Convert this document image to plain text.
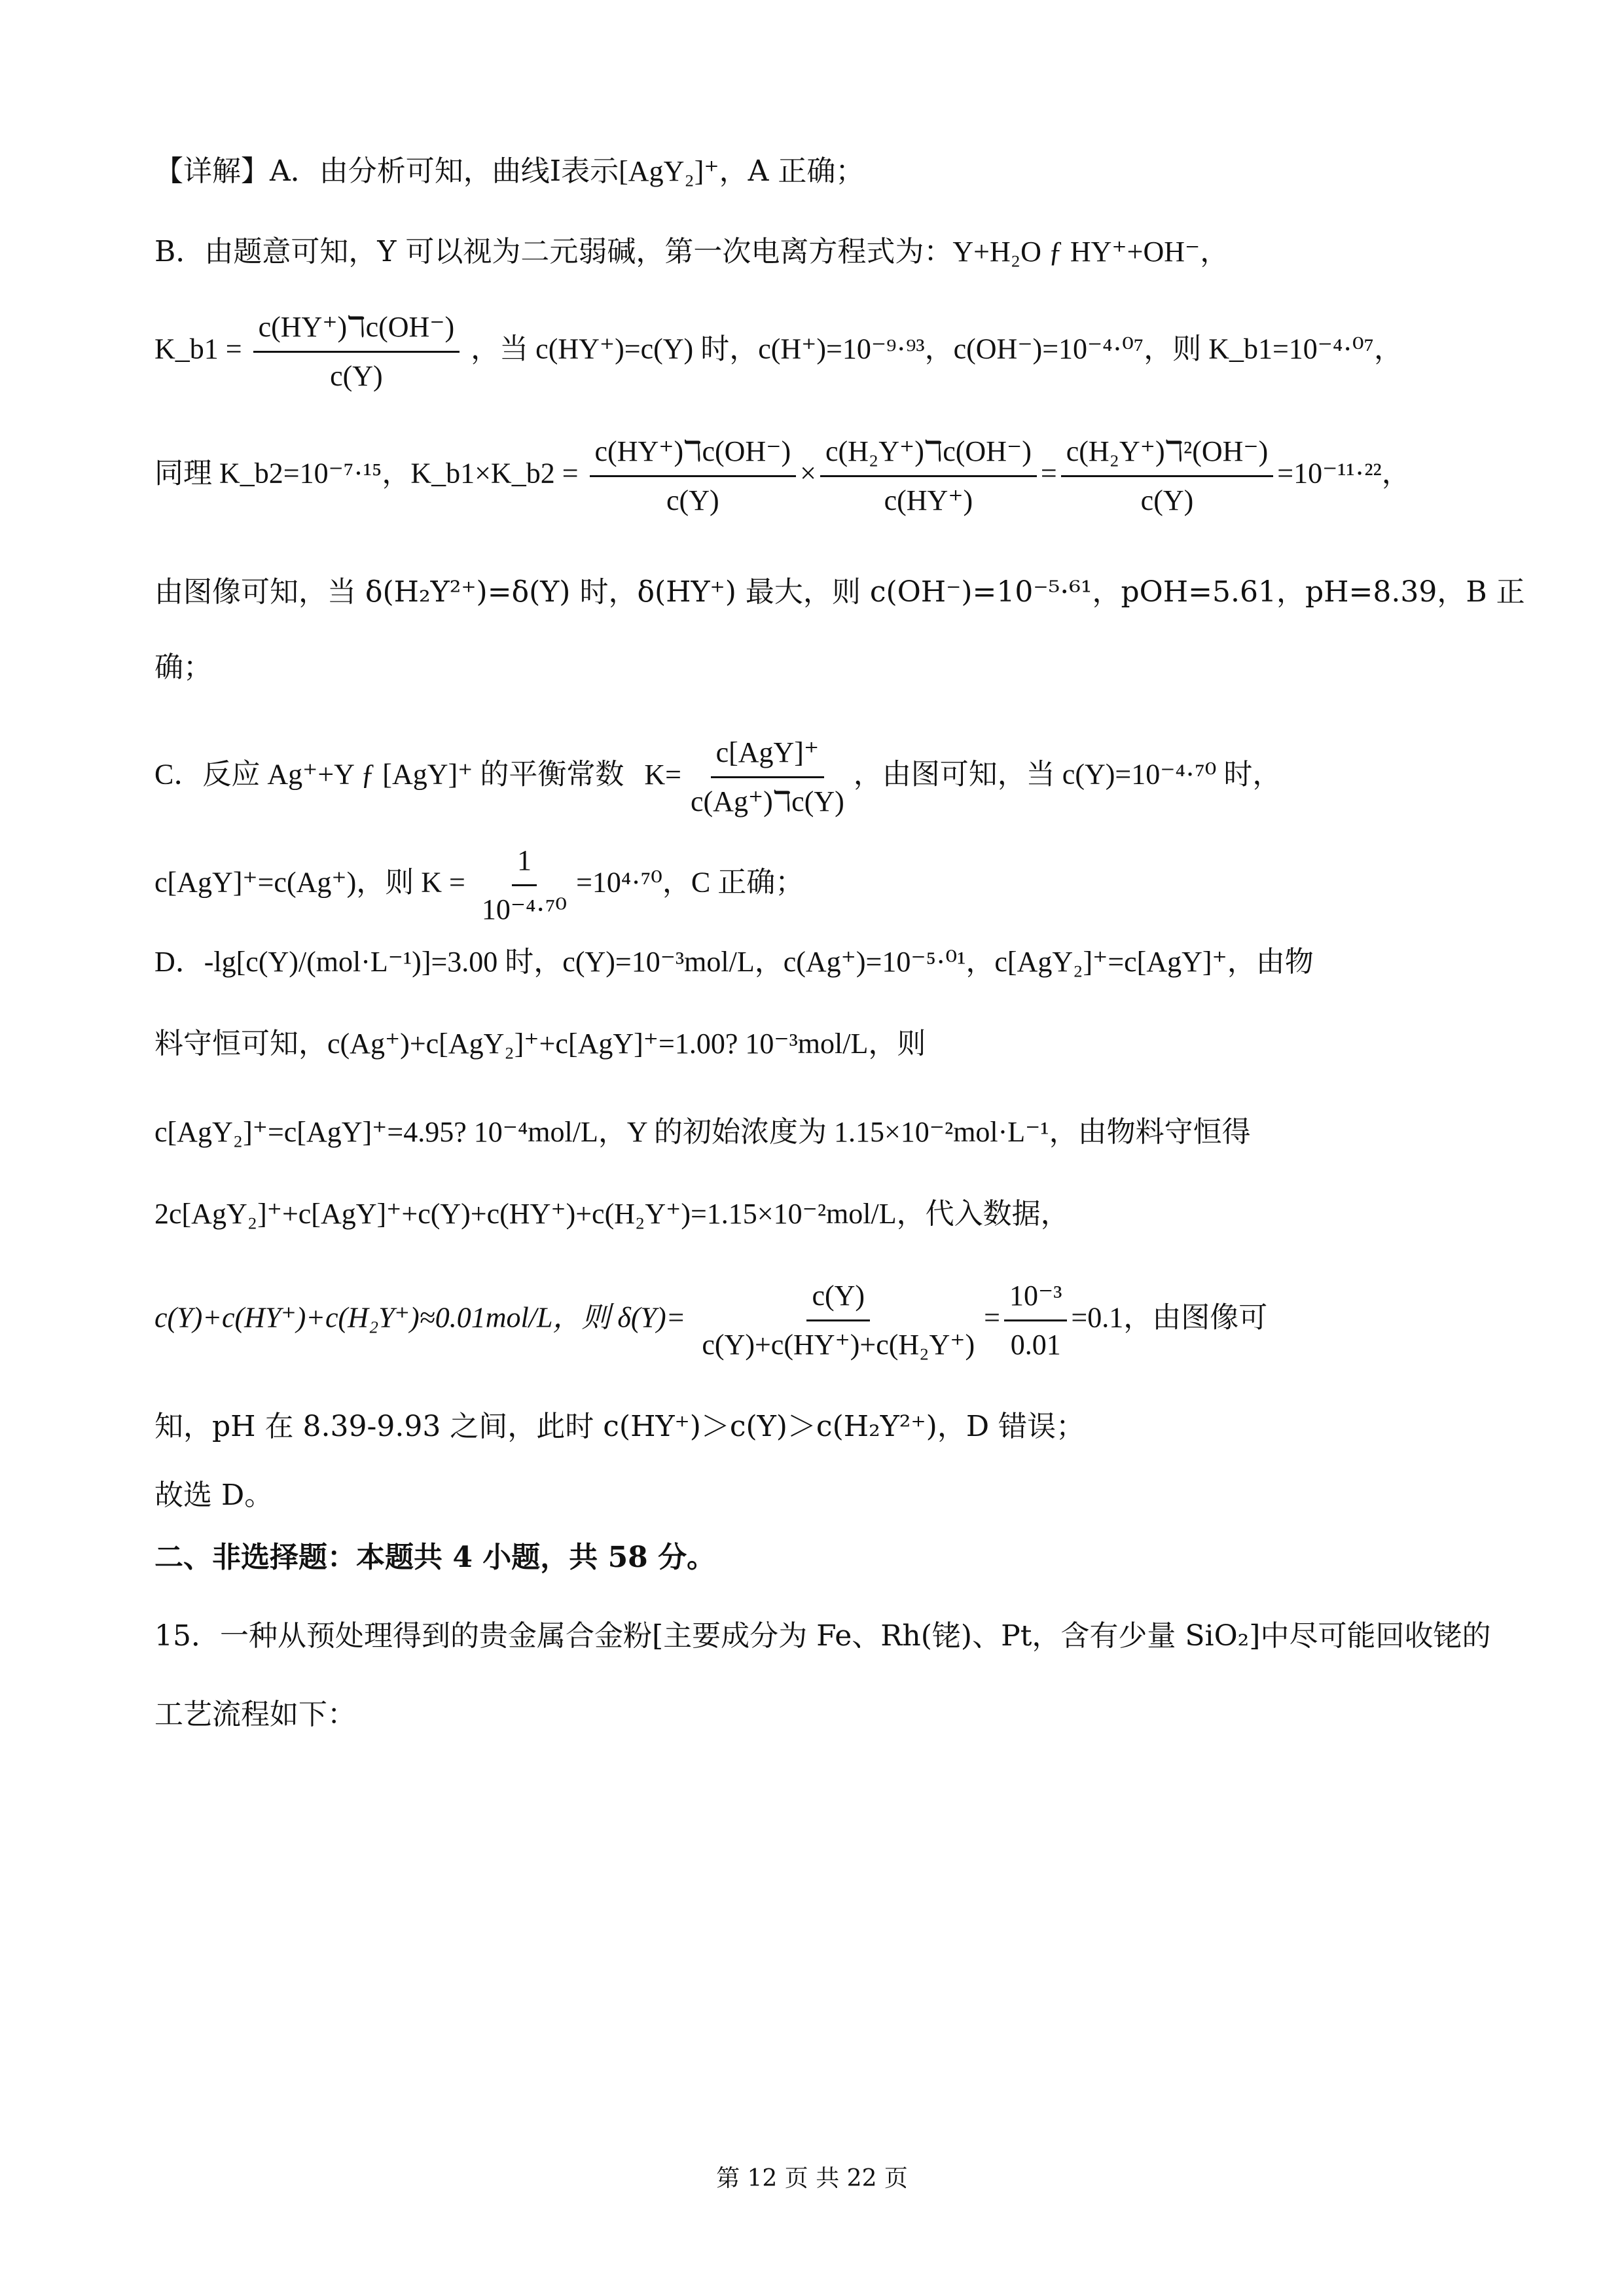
【详解】A．由分析可知，曲线I表示[AgY₂]⁺，A 正确；
B．由题意可知，Y 可以视为二元弱碱，第一次电离方程式为：Y+H₂O ƒ HY⁺+OH⁻，
K_b1 = $\frac{\text{c(HY⁺)ℸc(OH⁻)}}{c(Y)}$ ，当 c(HY⁺)=c(Y) 时，c(H⁺)=10⁻⁹·⁹³，c(OH⁻)=10⁻⁴·⁰⁷，则 K_b1=10⁻⁴·⁰⁷，
同理 K_b2=10⁻⁷·¹⁵，K_b1×K_b2 = $\frac{\text{c(HY⁺)ℸc(OH⁻)}}{c(Y)} \times \frac{\text{c(H₂Y⁺)ℸc(OH⁻)}}{c(HY^+)} = \frac{\text{c(H₂Y⁺)ℸ²(OH⁻)}}{c(Y)} =10^{-11}\cdot^{22}$，
由图像可知，当 δ(H₂Y²⁺)=δ(Y) 时，δ(HY⁺) 最大，则 c(OH⁻)=10⁻⁵·⁶¹，pOH=5.61，pH=8.39，B 正
确；
C．反应 Ag⁺+Y ƒ [AgY]⁺ 的平衡常数 $K= \frac{\text{c[AgY]⁺}}{\text{c(Ag⁺)ℸc(Y)}}$ ，由图可知，当 c(Y)=10⁻⁴·⁷⁰ 时，
c[AgY]⁺=c(Ag⁺)，则 $K = \frac{1}{\text{10⁻⁴·⁷⁰}} =10^4\cdot^{70}$，C 正确；
D．-lg[c(Y)/(mol·L⁻¹)]=3.00 时，c(Y)=10⁻³mol/L，c(Ag⁺)=10⁻⁵·⁰¹，c[AgY₂]⁺=c[AgY]⁺，由物
料守恒可知，c(Ag⁺)+c[AgY₂]⁺+c[AgY]⁺=1.00? 10⁻³mol/L，则
c[AgY₂]⁺=c[AgY]⁺=4.95? 10⁻⁴mol/L，Y 的初始浓度为 1.15×10⁻²mol·L⁻¹，由物料守恒得
2c[AgY₂]⁺+c[AgY]⁺+c(Y)+c(HY⁺)+c(H₂Y⁺)=1.15×10⁻²mol/L，代入数据，
c(Y)+c(HY⁺)+c(H₂Y⁺)≈0.01mol/L，则 $\delta(Y)= \frac{c(Y)}{\text{c(Y)+c(HY⁺)+c(H₂Y⁺)}} = \frac{\text{10⁻³}}{0.01} =0.1$，由图像可
知，pH 在 8.39-9.93 之间，此时 c(HY⁺)＞c(Y)＞c(H₂Y²⁺)，D 错误；
故选 D。
二、非选择题：本题共 4 小题，共 58 分。
15．一种从预处理得到的贵金属合金粉[主要成分为 Fe、Rh(铑)、Pt，含有少量 SiO₂]中尽可能回收铑的
工艺流程如下：
第 12 页 共 22 页
